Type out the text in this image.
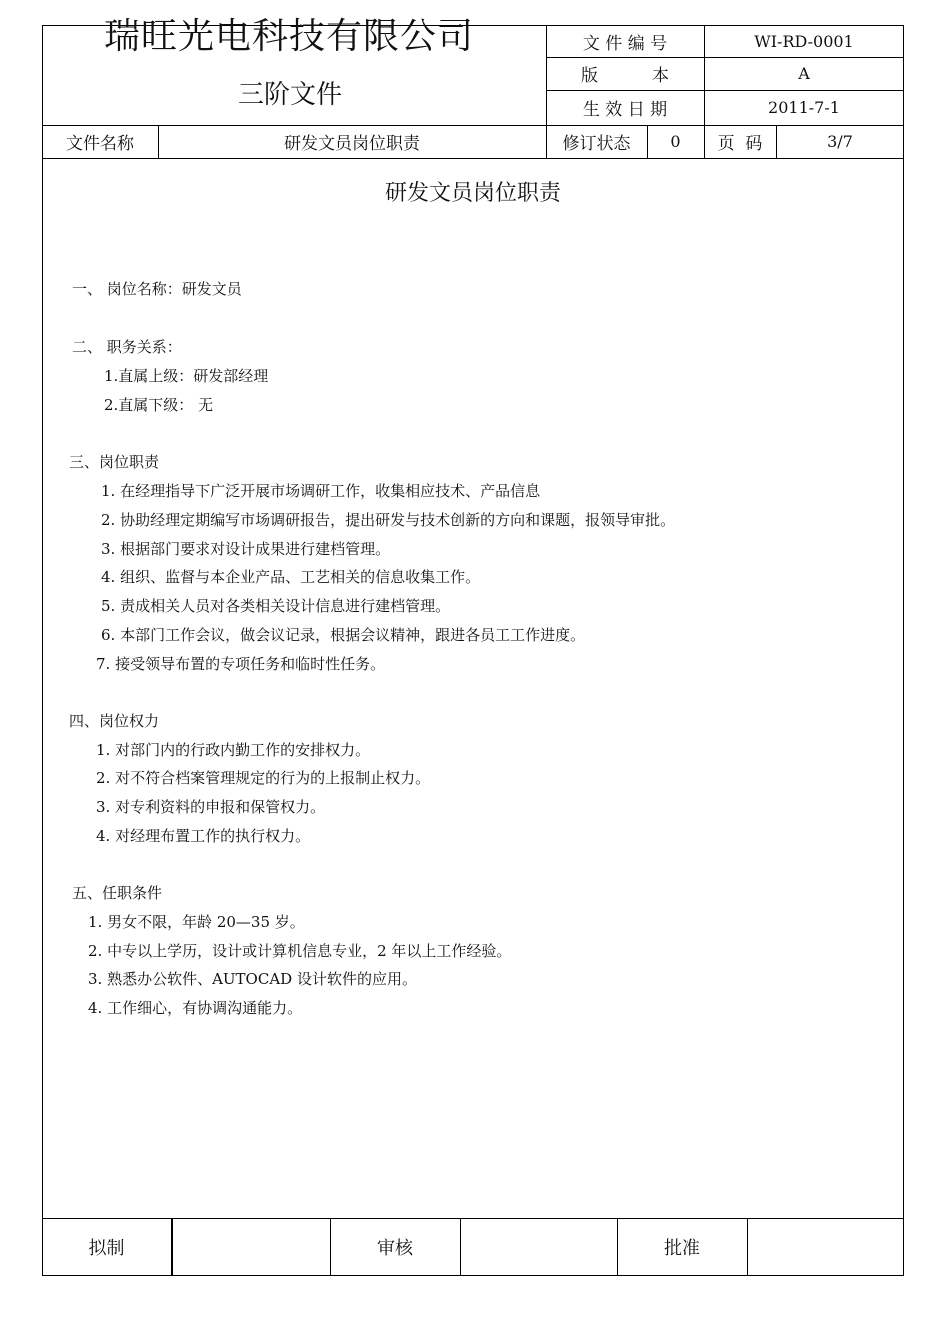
瑞旺光电科技有限公司
三阶文件
文 件 编 号	WI-RD-0001
版          本	A
生 效 日 期	2011-7-1
文件名称	研发文员岗位职责	修订状态	0	页  码	3/7
研发文员岗位职责
一、 岗位名称：研发文员
二、 职务关系：
1.直属上级：研发部经理
2.直属下级： 无
三、岗位职责
1. 在经理指导下广泛开展市场调研工作，收集相应技术、产品信息
2. 协助经理定期编写市场调研报告，提出研发与技术创新的方向和课题，报领导审批。
3. 根据部门要求对设计成果进行建档管理。
4. 组织、监督与本企业产品、工艺相关的信息收集工作。
5. 责成相关人员对各类相关设计信息进行建档管理。
6. 本部门工作会议，做会议记录，根据会议精神，跟进各员工工作进度。
7. 接受领导布置的专项任务和临时性任务。
四、岗位权力
1. 对部门内的行政内勤工作的安排权力。
2. 对不符合档案管理规定的行为的上报制止权力。
3. 对专利资料的申报和保管权力。
4. 对经理布置工作的执行权力。
五、任职条件
1. 男女不限，年龄 20—35 岁。
2. 中专以上学历，设计或计算机信息专业，2 年以上工作经验。
3. 熟悉办公软件、AUTOCAD 设计软件的应用。
4. 工作细心，有协调沟通能力。
拟制	审核	批准
